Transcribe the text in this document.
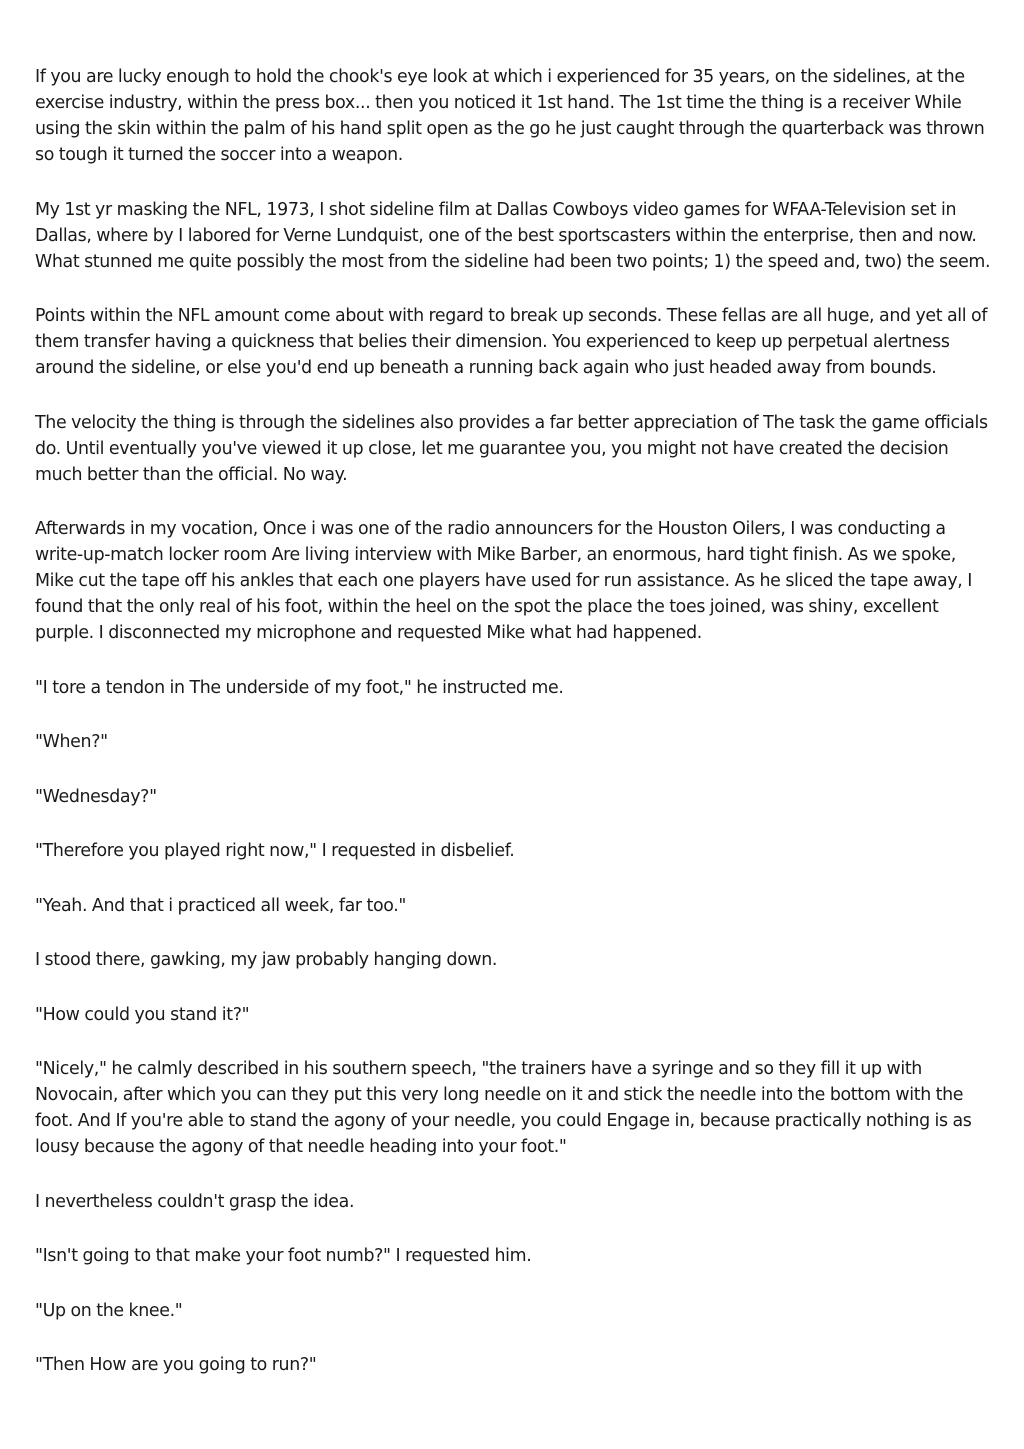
If you are lucky enough to hold the chook's eye look at which i experienced for 35 years, on the sidelines, at the exercise industry, within the press box... then you noticed it 1st hand. The 1st time the thing is a receiver While using the skin within the palm of his hand split open as the go he just caught through the quarterback was thrown so tough it turned the soccer into a weapon.

My 1st yr masking the NFL, 1973, I shot sideline film at Dallas Cowboys video games for WFAA-Television set in Dallas, where by I labored for Verne Lundquist, one of the best sportscasters within the enterprise, then and now. What stunned me quite possibly the most from the sideline had been two points; 1) the speed and, two) the seem.

Points within the NFL amount come about with regard to break up seconds. These fellas are all huge, and yet all of them transfer having a quickness that belies their dimension. You experienced to keep up perpetual alertness around the sideline, or else you'd end up beneath a running back again who just headed away from bounds.

The velocity the thing is through the sidelines also provides a far better appreciation of The task the game officials do. Until eventually you've viewed it up close, let me guarantee you, you might not have created the decision much better than the official. No way.

Afterwards in my vocation, Once i was one of the radio announcers for the Houston Oilers, I was conducting a write-up-match locker room Are living interview with Mike Barber, an enormous, hard tight finish. As we spoke, Mike cut the tape off his ankles that each one players have used for run assistance. As he sliced the tape away, I found that the only real of his foot, within the heel on the spot the place the toes joined, was shiny, excellent purple. I disconnected my microphone and requested Mike what had happened.

"I tore a tendon in The underside of my foot," he instructed me.

"When?"

"Wednesday?"

"Therefore you played right now," I requested in disbelief.

"Yeah. And that i practiced all week, far too."

I stood there, gawking, my jaw probably hanging down.

"How could you stand it?"

"Nicely," he calmly described in his southern speech, "the trainers have a syringe and so they fill it up with Novocain, after which you can they put this very long needle on it and stick the needle into the bottom with the foot. And If you're able to stand the agony of your needle, you could Engage in, because practically nothing is as lousy because the agony of that needle heading into your foot."

I nevertheless couldn't grasp the idea.

"Isn't going to that make your foot numb?" I requested him.

"Up on the knee."

"Then How are you going to run?"
